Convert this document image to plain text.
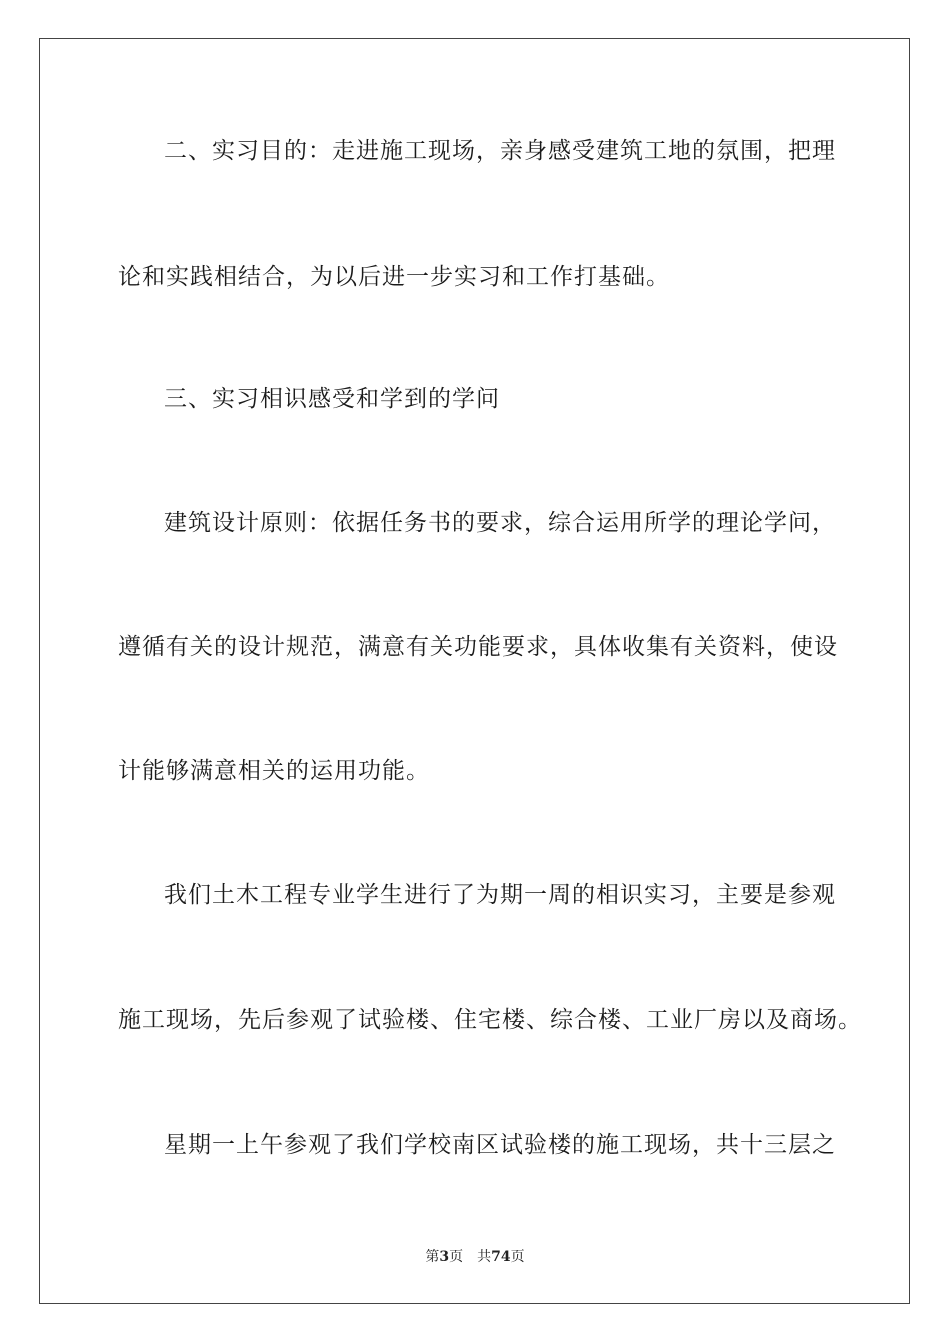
二、实习目的：走进施工现场，亲身感受建筑工地的氛围，把理
论和实践相结合，为以后进一步实习和工作打基础。
三、实习相识感受和学到的学问
建筑设计原则：依据任务书的要求，综合运用所学的理论学问，
遵循有关的设计规范，满意有关功能要求，具体收集有关资料，使设
计能够满意相关的运用功能。
我们土木工程专业学生进行了为期一周的相识实习，主要是参观
施工现场，先后参观了试验楼、住宅楼、综合楼、工业厂房以及商场。
星期一上午参观了我们学校南区试验楼的施工现场，共十三层之
第3页 共74页
